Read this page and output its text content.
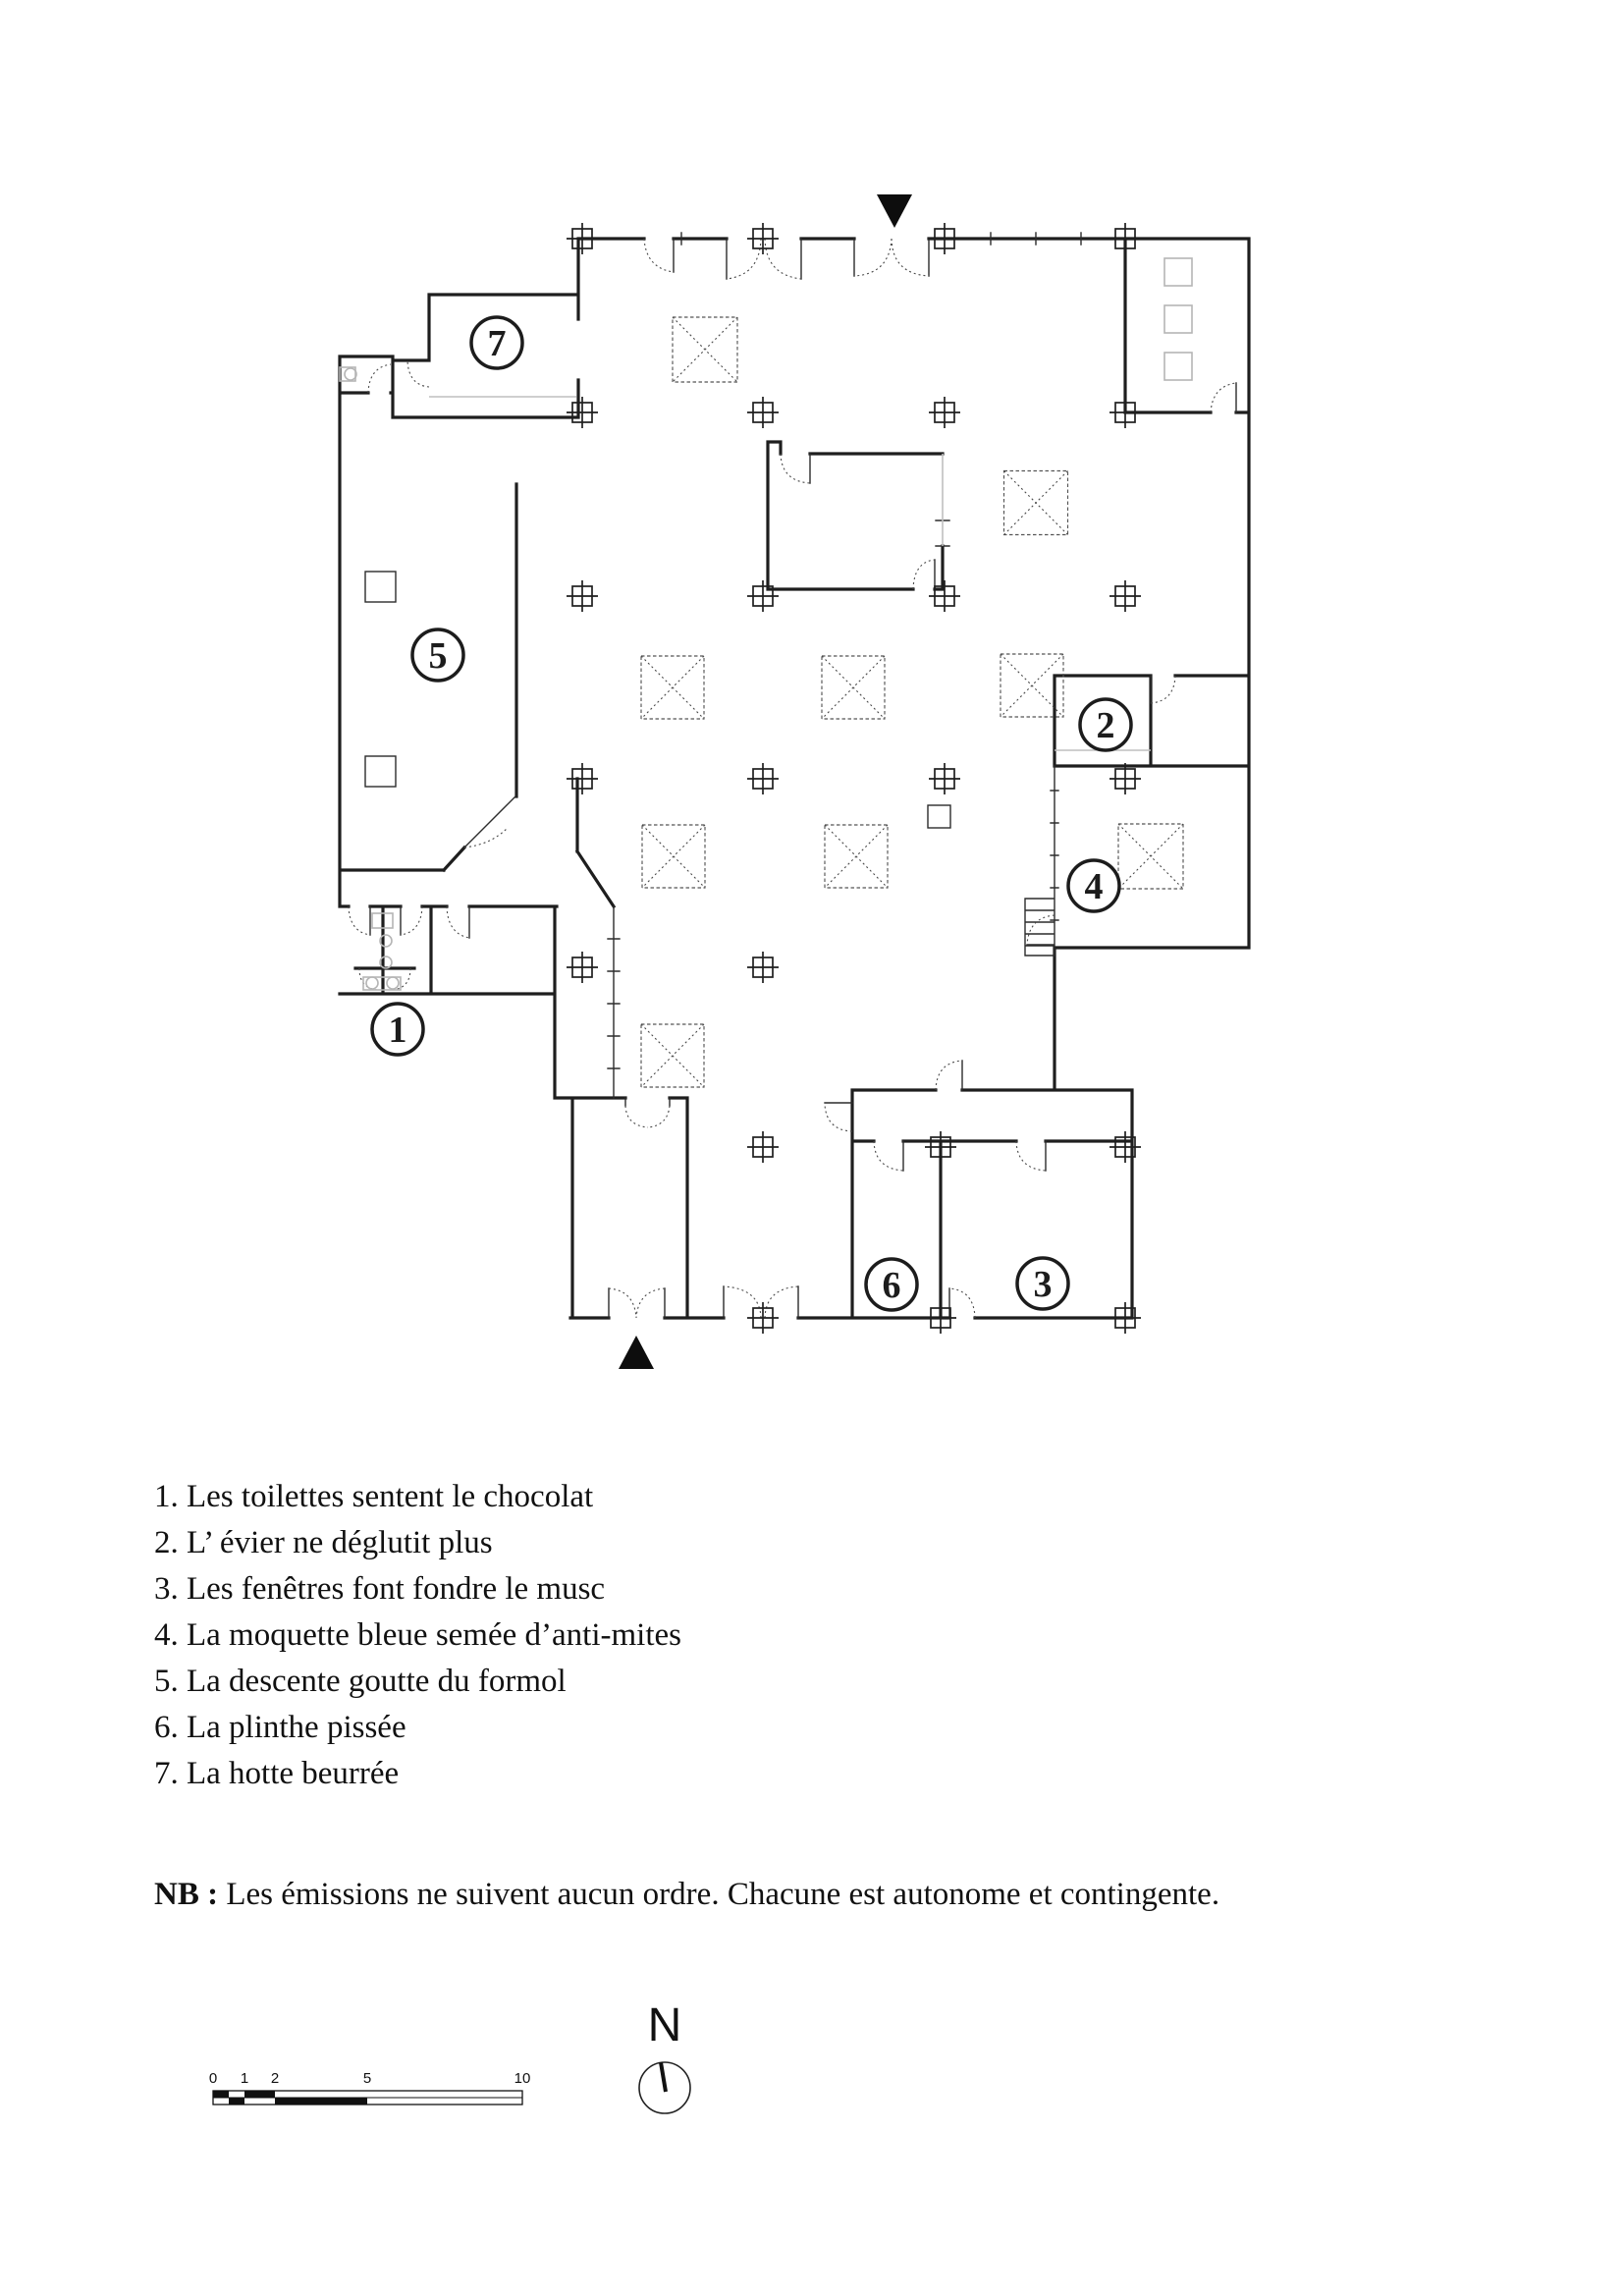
1
2
3
4
5
6
7
0 1 2	5	10
N
1. Les toilettes sentent le chocolat
2. L’ évier ne déglutit plus
3. Les fenêtres font fondre le musc
4. La moquette bleue semée d’anti-mites
5. La descente goutte du formol
6. La plinthe pissée
7. La hotte beurrée

NB : Les émissions ne suivent aucun ordre. Chacune est autonome et contingente.
